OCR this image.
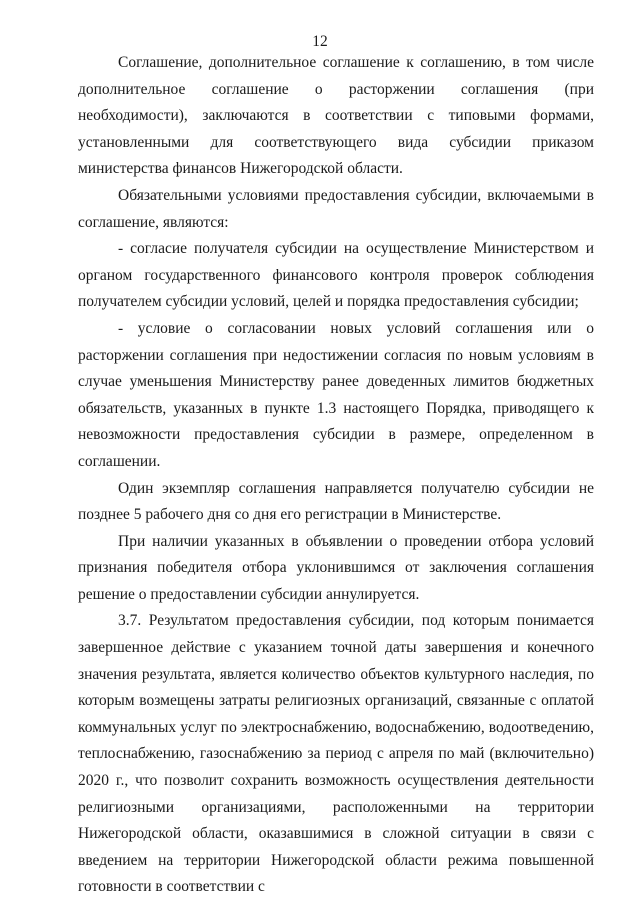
12

Соглашение, дополнительное соглашение к соглашению, в том числе дополнительное соглашение о расторжении соглашения (при необходимости), заключаются в соответствии с типовыми формами, установленными для соответствующего вида субсидии приказом министерства финансов Нижегородской области.

Обязательными условиями предоставления субсидии, включаемыми в соглашение, являются:

- согласие получателя субсидии на осуществление Министерством и органом государственного финансового контроля проверок соблюдения получателем субсидии условий, целей и порядка предоставления субсидии;

- условие о согласовании новых условий соглашения или о расторжении соглашения при недостижении согласия по новым условиям в случае уменьшения Министерству ранее доведенных лимитов бюджетных обязательств, указанных в пункте 1.3 настоящего Порядка, приводящего к невозможности предоставления субсидии в размере, определенном в соглашении.

Один экземпляр соглашения направляется получателю субсидии не позднее 5 рабочего дня со дня его регистрации в Министерстве.

При наличии указанных в объявлении о проведении отбора условий признания победителя отбора уклонившимся от заключения соглашения решение о предоставлении субсидии аннулируется.

3.7. Результатом предоставления субсидии, под которым понимается завершенное действие с указанием точной даты завершения и конечного значения результата, является количество объектов культурного наследия, по которым возмещены затраты религиозных организаций, связанные с оплатой коммунальных услуг по электроснабжению, водоснабжению, водоотведению, теплоснабжению, газоснабжению за период с апреля по май (включительно) 2020 г., что позволит сохранить возможность осуществления деятельности религиозными организациями, расположенными на территории Нижегородской области, оказавшимися в сложной ситуации в связи с введением на территории Нижегородской области режима повышенной готовности в соответствии с
